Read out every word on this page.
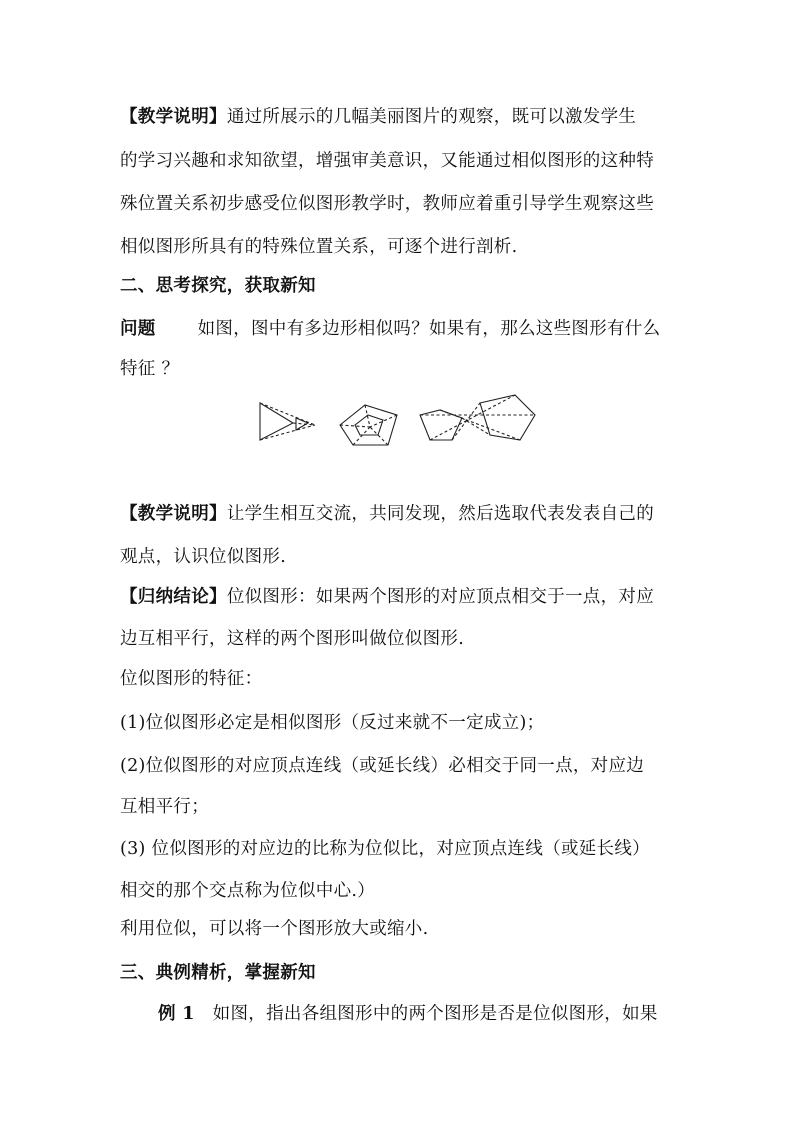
【教学说明】通过所展示的几幅美丽图片的观察，既可以激发学生
的学习兴趣和求知欲望，增强审美意识，又能通过相似图形的这种特
殊位置关系初步感受位似图形教学时，教师应着重引导学生观察这些
相似图形所具有的特殊位置关系，可逐个进行剖析.
二、思考探究，获取新知
问题 如图，图中有多边形相似吗？如果有，那么这些图形有什么
特征 ？
【教学说明】让学生相互交流，共同发现，然后选取代表发表自己的
观点，认识位似图形.
【归纳结论】位似图形：如果两个图形的对应顶点相交于一点，对应
边互相平行，这样的两个图形叫做位似图形.
位似图形的特征：
(1)位似图形必定是相似图形（反过来就不一定成立)；
(2)位似图形的对应顶点连线（或延长线）必相交于同一点，对应边
互相平行；
(3) 位似图形的对应边的比称为位似比，对应顶点连线（或延长线）
相交的那个交点称为位似中心.）
利用位似，可以将一个图形放大或缩小.
三、典例精析，掌握新知
例 1 如图，指出各组图形中的两个图形是否是位似图形，如果
